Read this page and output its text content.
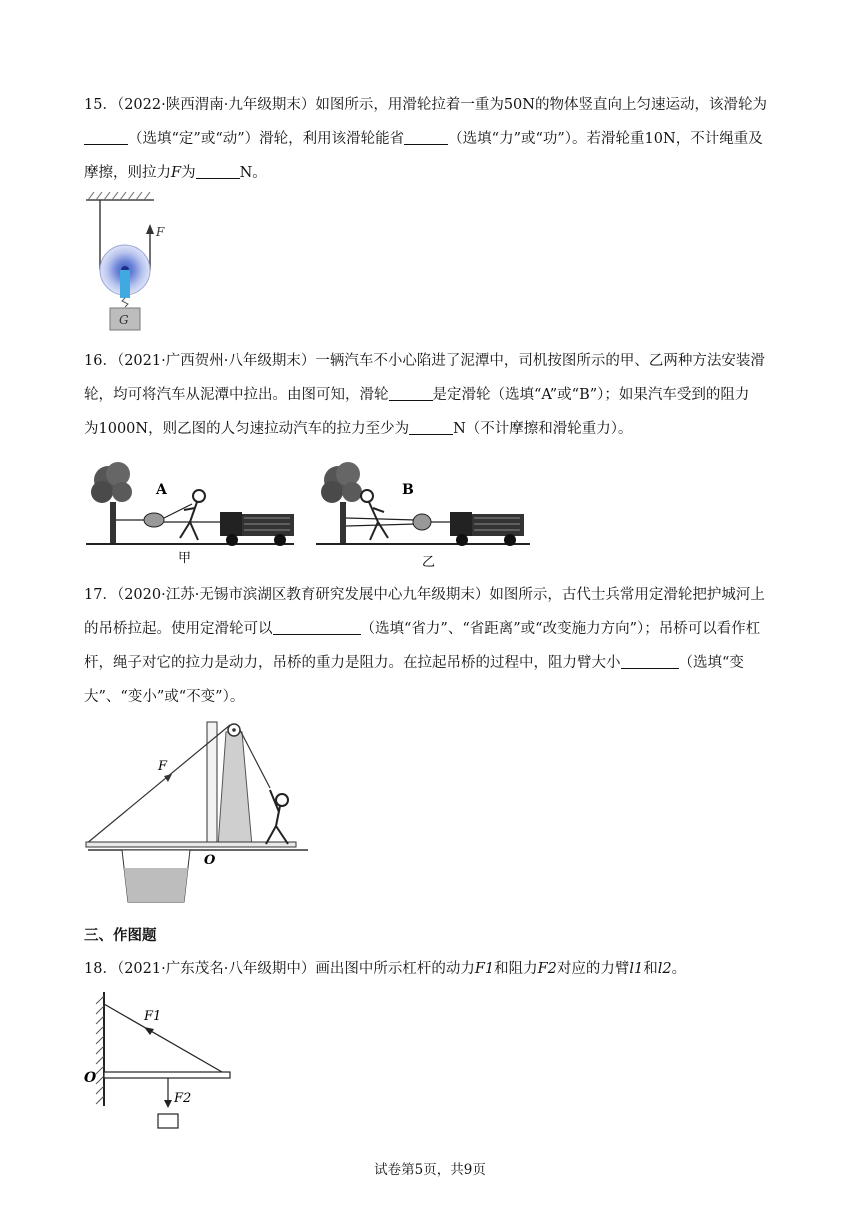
15．（2022·陕西渭南·九年级期末）如图所示，用滑轮拉着一重为50N的物体竖直向上匀速运动，该滑轮为
（选填“定”或“动”）滑轮，利用该滑轮能省	（选填“力”或“功”）。若滑轮重10N，不计绳重及
摩擦，则拉力F为	N。
F
G
16．（2021·广西贺州·八年级期末）一辆汽车不小心陷进了泥潭中，司机按图所示的甲、乙两种方法安装滑
轮，均可将汽车从泥潭中拉出。由图可知，滑轮	是定滑轮（选填“A”或“B”）；如果汽车受到的阻力
为1000N，则乙图的人匀速拉动汽车的拉力至少为	N（不计摩擦和滑轮重力）。
A
甲
B
乙
17．（2020·江苏·无锡市滨湖区教育研究发展中心九年级期末）如图所示，古代士兵常用定滑轮把护城河上
的吊桥拉起。使用定滑轮可以	（选填“省力”、“省距离”或“改变施力方向”）；吊桥可以看作杠
杆，绳子对它的拉力是动力，吊桥的重力是阻力。在拉起吊桥的过程中，阻力臂大小	（选填“变
大”、“变小”或“不变”）。
F
O
三、作图题
18．（2021·广东茂名·八年级期中）画出图中所示杠杆的动力F1和阻力F2对应的力臂l1和l2。
F1
O
F2
试卷第5页，共9页
